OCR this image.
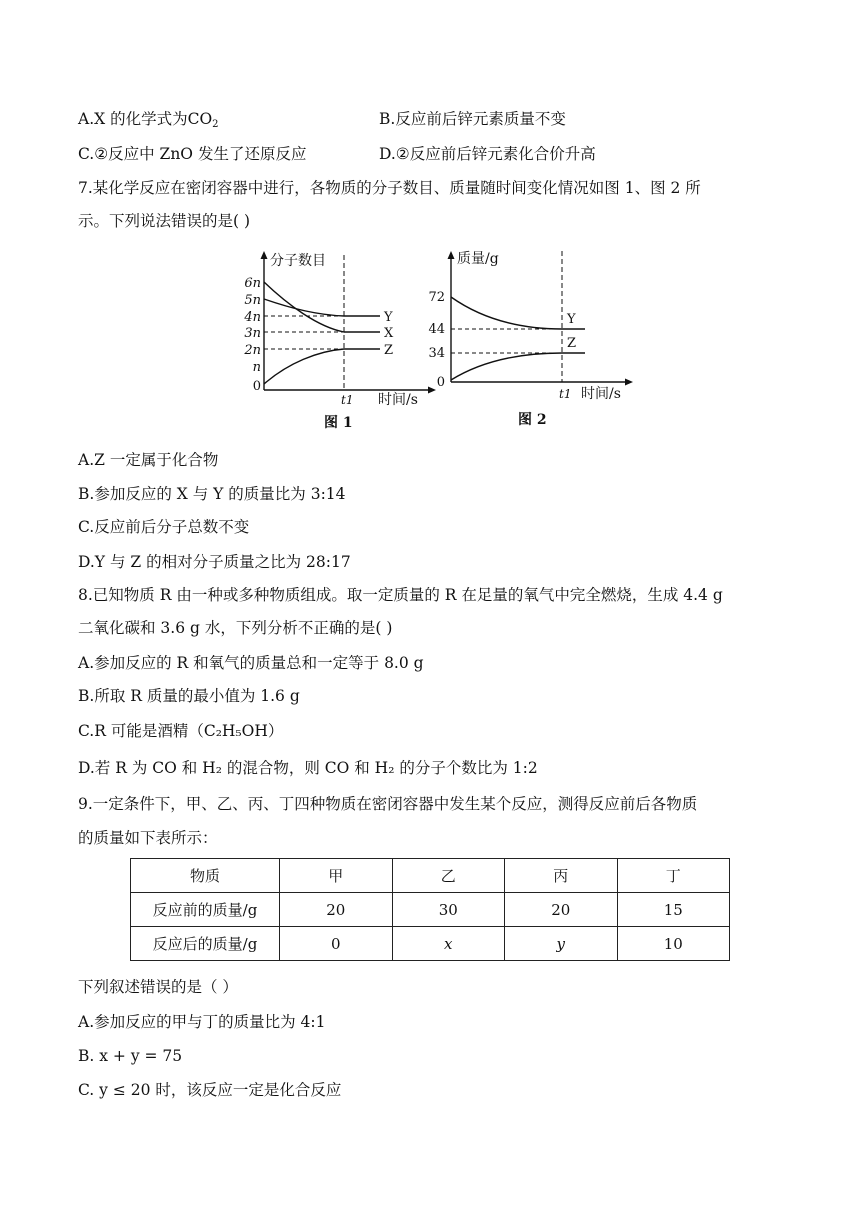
A.X 的化学式为$CO_2$	B.反应前后锌元素质量不变
C.②反应中 ZnO 发生了还原反应	D.②反应前后锌元素化合价升高
7.某化学反应在密闭容器中进行，各物质的分子数目、质量随时间变化情况如图 1、图 2 所
示。下列说法错误的是( )
分子数目
6n
5n
4n
3n
2n
n
0
Y
X
Z
t1 时间/s
图 1
质量/g
72
44
34
0
Y
Z
t1 时间/s
图 2
A.Z 一定属于化合物
B.参加反应的 X 与 Y 的质量比为 3:14
C.反应前后分子总数不变
D.Y 与 Z 的相对分子质量之比为 28:17
8.已知物质 R 由一种或多种物质组成。取一定质量的 R 在足量的氧气中完全燃烧，生成 4.4 g
二氧化碳和 3.6 g 水，下列分析不正确的是( )
A.参加反应的 R 和氧气的质量总和一定等于 8.0 g
B.所取 R 质量的最小值为 1.6 g
C.R 可能是酒精（C₂H₅OH）
D.若 R 为 CO 和 H₂ 的混合物，则 CO 和 H₂ 的分子个数比为 1:2
9.一定条件下，甲、乙、丙、丁四种物质在密闭容器中发生某个反应，测得反应前后各物质
的质量如下表所示：
物质	甲	乙	丙	丁
反应前的质量/g	20	30	20	15
反应后的质量/g	0	x	y	10
下列叙述错误的是（ ）
A.参加反应的甲与丁的质量比为 4:1
B. x + y = 75
C. y ≤ 20 时，该反应一定是化合反应
